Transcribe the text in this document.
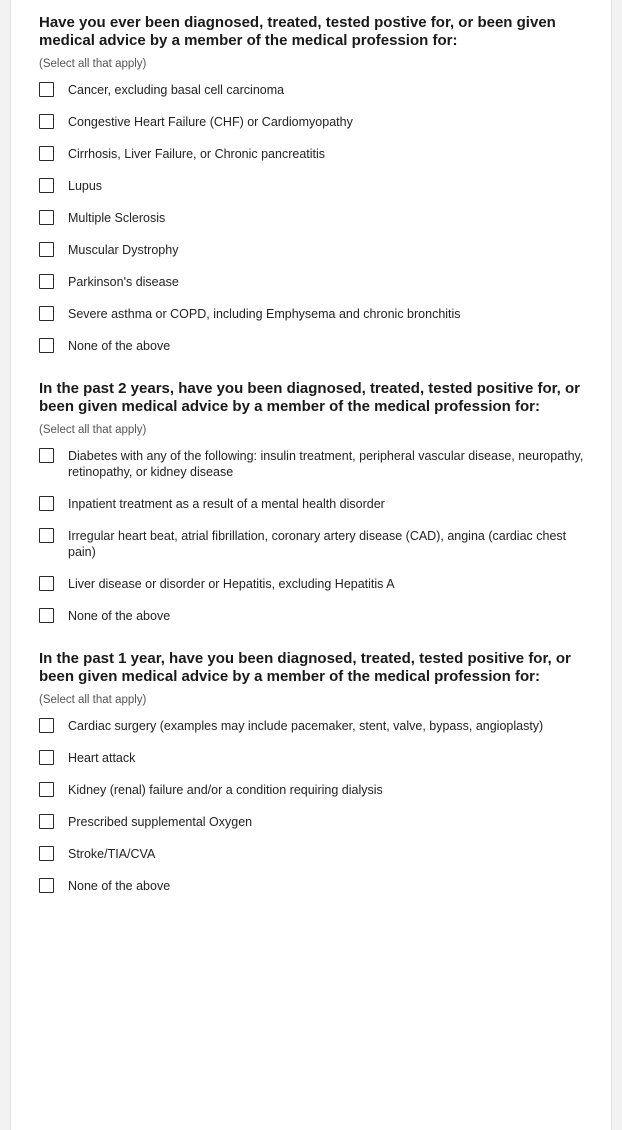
Have you ever been diagnosed, treated, tested postive for, or been given medical advice by a member of the medical profession for:

(Select all that apply)

Cancer, excluding basal cell carcinoma
Congestive Heart Failure (CHF) or Cardiomyopathy
Cirrhosis, Liver Failure, or Chronic pancreatitis
Lupus
Multiple Sclerosis
Muscular Dystrophy
Parkinson's disease
Severe asthma or COPD, including Emphysema and chronic bronchitis
None of the above

In the past 2 years, have you been diagnosed, treated, tested positive for, or been given medical advice by a member of the medical profession for:

(Select all that apply)

Diabetes with any of the following: insulin treatment, peripheral vascular disease, neuropathy, retinopathy, or kidney disease
Inpatient treatment as a result of a mental health disorder
Irregular heart beat, atrial fibrillation, coronary artery disease (CAD), angina (cardiac chest pain)
Liver disease or disorder or Hepatitis, excluding Hepatitis A
None of the above

In the past 1 year, have you been diagnosed, treated, tested positive for, or been given medical advice by a member of the medical profession for:

(Select all that apply)

Cardiac surgery (examples may include pacemaker, stent, valve, bypass, angioplasty)
Heart attack
Kidney (renal) failure and/or a condition requiring dialysis
Prescribed supplemental Oxygen
Stroke/TIA/CVA
None of the above
